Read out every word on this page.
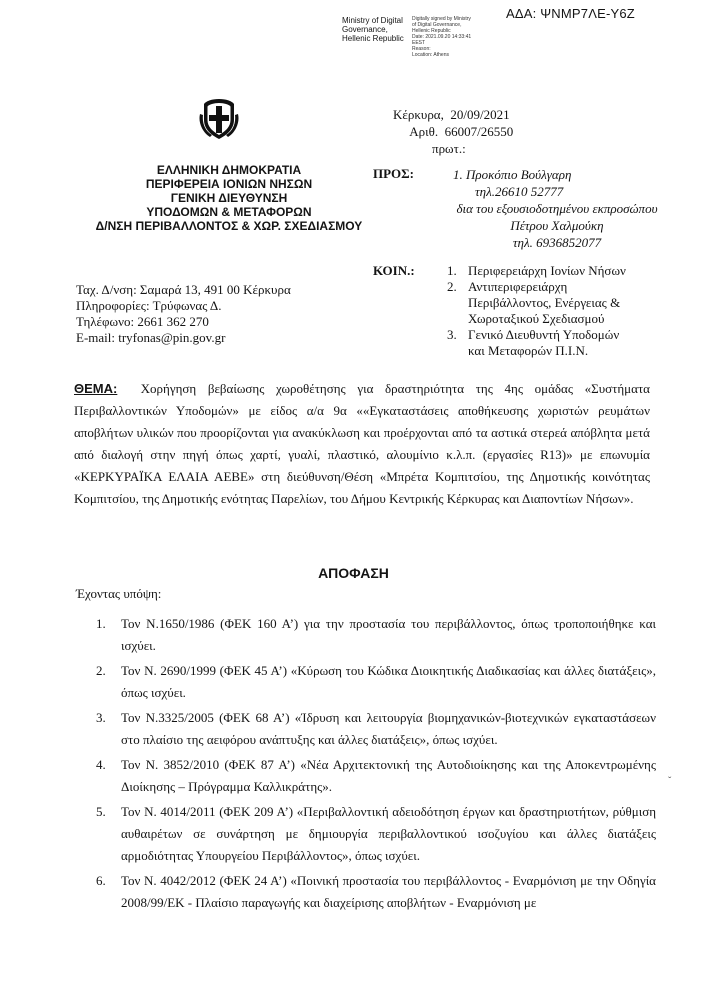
ΑΔΑ: ΨΝΜΡ7ΛΕ-Υ6Ζ
Ministry of Digital
Governance,
Hellenic Republic
Digitally signed by Ministry
of Digital Governance,
Hellenic Republic
Date: 2021.09.20 14:33:41
EEST
Reason:
Location: Athens
ΕΛΛΗΝΙΚΗ ΔΗΜΟΚΡΑΤΙΑ
ΠΕΡΙΦΕΡΕΙΑ ΙΟΝΙΩΝ ΝΗΣΩΝ
ΓΕΝΙΚΗ ΔΙΕΥΘΥΝΣΗ
ΥΠΟΔΟΜΩΝ & ΜΕΤΑΦΟΡΩΝ
Δ/ΝΣΗ ΠΕΡΙΒΑΛΛΟΝΤΟΣ & ΧΩΡ. ΣΧΕΔΙΑΣΜΟΥ
Κέρκυρα, 20/09/2021
Αριθ. 66007/26550
πρωτ.:
ΠΡΟΣ:	1. Προκόπιο Βούλγαρη
τηλ.26610 52777
δια του εξουσιοδοτημένου εκπροσώπου
Πέτρου Χαλμούκη
τηλ. 6936852077
ΚΟΙΝ.: 1. Περιφερειάρχη Ιονίων Νήσων
2. Αντιπεριφερειάρχη
Περιβάλλοντος, Ενέργειας &
Χωροταξικού Σχεδιασμού
3. Γενικό Διευθυντή Υποδομών
και Μεταφορών Π.Ι.Ν.
Ταχ. Δ/νση: Σαμαρά 13, 491 00 Κέρκυρα
Πληροφορίες: Τρύφωνας Δ.
Τηλέφωνο: 2661 362 270
E-mail: tryfonas@pin.gov.gr
ΘΕΜΑ: Χορήγηση βεβαίωσης χωροθέτησης για δραστηριότητα της 4ης ομάδας «Συστήματα Περιβαλλοντικών Υποδομών» με είδος α/α 9α ««Εγκαταστάσεις αποθήκευσης χωριστών ρευμάτων αποβλήτων υλικών που προορίζονται για ανακύκλωση και προέρχονται από τα αστικά στερεά απόβλητα μετά από διαλογή στην πηγή όπως χαρτί, γυαλί, πλαστικό, αλουμίνιο κ.λ.π. (εργασίες R13)» με επωνυμία «ΚΕΡΚΥΡΑΪΚΑ ΕΛΑΙΑ ΑΕΒΕ» στη διεύθυνση/Θέση «Μπρέτα Κομπιτσίου, της Δημοτικής κοινότητας Κομπιτσίου, της Δημοτικής ενότητας Παρελίων, του Δήμου Κεντρικής Κέρκυρας και Διαποντίων Νήσων».
ΑΠΟΦΑΣΗ
Έχοντας υπόψη:
1.	Τον Ν.1650/1986 (ΦΕΚ 160 Α’) για την προστασία του περιβάλλοντος, όπως τροποποιήθηκε και ισχύει.
2.	Τον Ν. 2690/1999 (ΦΕΚ 45 Α’) «Κύρωση του Κώδικα Διοικητικής Διαδικασίας και άλλες διατάξεις», όπως ισχύει.
3.	Τον Ν.3325/2005 (ΦΕΚ 68 Α’) «Ίδρυση και λειτουργία βιομηχανικών-βιοτεχνικών εγκαταστάσεων στο πλαίσιο της αειφόρου ανάπτυξης και άλλες διατάξεις», όπως ισχύει.
4.	Τον Ν. 3852/2010 (ΦΕΚ 87 Α’) «Νέα Αρχιτεκτονική της Αυτοδιοίκησης και της Αποκεντρωμένης Διοίκησης – Πρόγραμμα Καλλικράτης».
5.	Τον Ν. 4014/2011 (ΦΕΚ 209 Α’) «Περιβαλλοντική αδειοδότηση έργων και δραστηριοτήτων, ρύθμιση αυθαιρέτων σε συνάρτηση με δημιουργία περιβαλλοντικού ισοζυγίου και άλλες διατάξεις αρμοδιότητας Υπουργείου Περιβάλλοντος», όπως ισχύει.
6.	Τον Ν. 4042/2012 (ΦΕΚ 24 Α’) «Ποινική προστασία του περιβάλλοντος - Εναρμόνιση με την Οδηγία 2008/99/ΕΚ - Πλαίσιο παραγωγής και διαχείρισης αποβλήτων - Εναρμόνιση με
ˇ
